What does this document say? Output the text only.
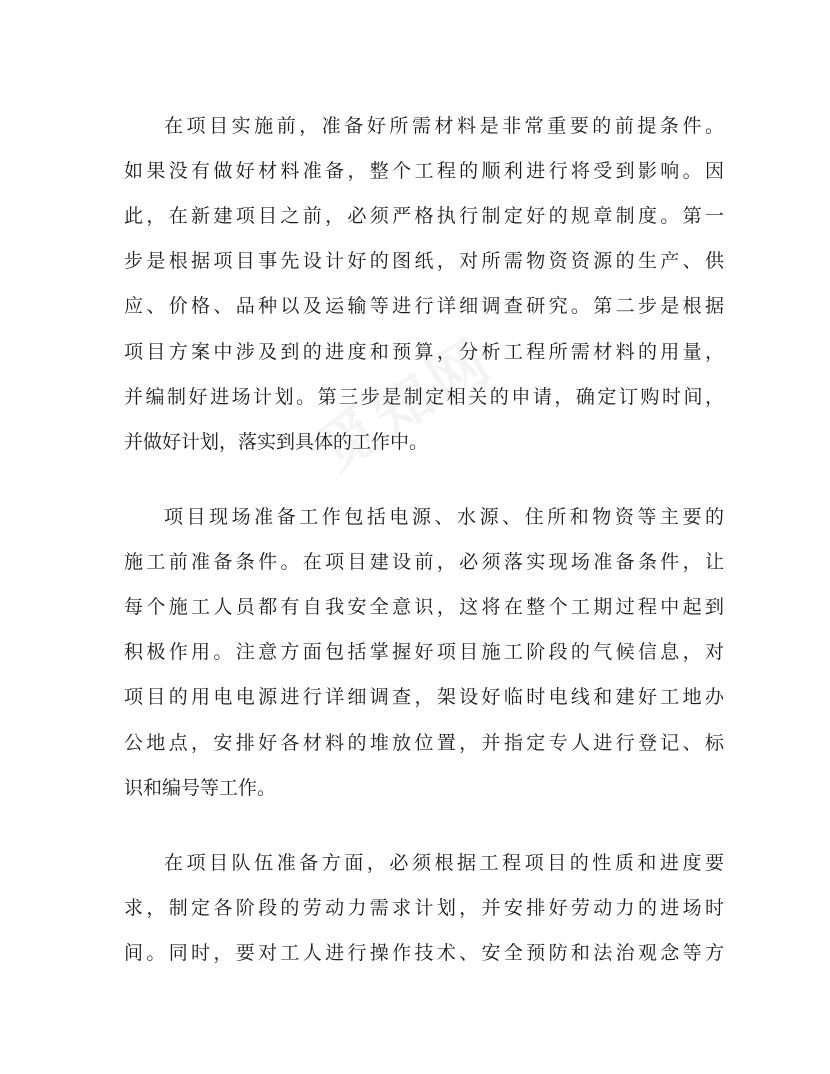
在项目实施前，准备好所需材料是非常重要的前提条件。
如果没有做好材料准备，整个工程的顺利进行将受到影响。因
此，在新建项目之前，必须严格执行制定好的规章制度。第一
步是根据项目事先设计好的图纸，对所需物资资源的生产、供
应、价格、品种以及运输等进行详细调查研究。第二步是根据
项目方案中涉及到的进度和预算，分析工程所需材料的用量，
并编制好进场计划。第三步是制定相关的申请，确定订购时间，
并做好计划，落实到具体的工作中。
项目现场准备工作包括电源、水源、住所和物资等主要的
施工前准备条件。在项目建设前，必须落实现场准备条件，让
每个施工人员都有自我安全意识，这将在整个工期过程中起到
积极作用。注意方面包括掌握好项目施工阶段的气候信息，对
项目的用电电源进行详细调查，架设好临时电线和建好工地办
公地点，安排好各材料的堆放位置，并指定专人进行登记、标
识和编号等工作。
在项目队伍准备方面，必须根据工程项目的性质和进度要
求，制定各阶段的劳动力需求计划，并安排好劳动力的进场时
间。同时，要对工人进行操作技术、安全预防和法治观念等方
